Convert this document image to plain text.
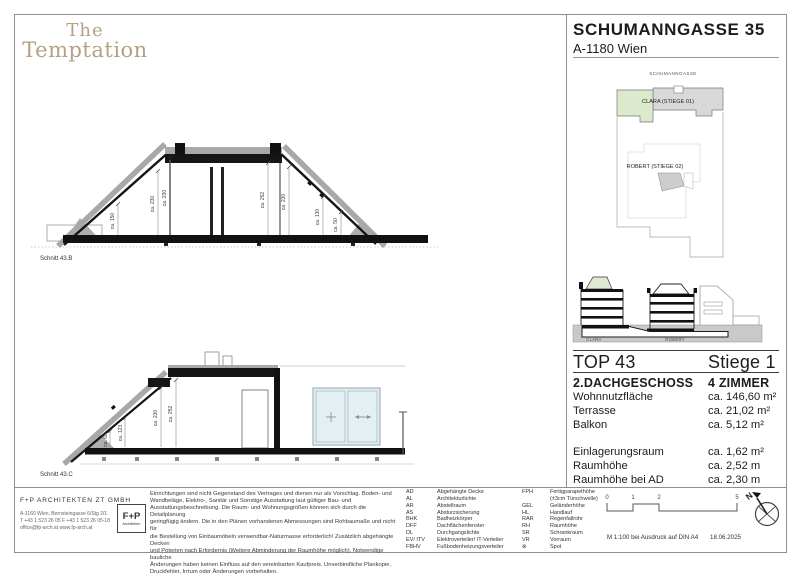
The
Temptation
SCHUMANNGASSE 35
A-1180 Wien
ca. 150
ca. 230 ca. 230	ca. 252	ca. 230
ca. 130 ca. 50
Schnitt 43.B
ca. 60 ca. 123
ca. 230 ca. 252
Schnitt 43.C
SCHUMANNGASSE
CLARA (STIEGE 01)
ROBERT (STIEGE 02)
CLARA	ROBERT
TOP 43	Stiege 1
2.DACHGESCHOSS	4 ZIMMER
Wohnnutzfläche	ca. 146,60 m²
Terrasse	ca. 21,02 m²
Balkon	ca. 5,12 m²
Einlagerungsraum	ca. 1,62 m²
Raumhöhe	ca. 2,52 m
Raumhöhe bei AD	ca. 2,30 m
F+P ARCHITEKTEN ZT GMBH
A-1160 Wien, Bernsteingasse 6/Stg 2/1
T +43 1 523 26 05 F +43 1 523 26 05-18
office@fp-arch.at www.fp-arch.at
F+P
Architekten
Einrichtungen sind nicht Gegenstand des Vertrages und dienen nur als Vorschlag. Boden- und
Wandbeläge, Elektro-, Sanitär und Sonstige Ausstattung laut gültiger Bau- und
Ausstattungsbeschreibung. Die Raum- und Wohnungsgrößen können sich durch die Detailplanung
geringfügig ändern. Die in den Plänen vorhandenen Abmessungen sind Rohbaumaße und nicht für
die Bestellung von Einbaumöbeln verwendbar-Naturmasse erforderlich! Zusätzlich abgehängte Decken
und Poterien nach Erfordernis (Weitere Abminderung der Raumhöhe möglich). Notwendige bauliche
Änderungen haben keinen Einfluss auf den vereinbarten Kaufpreis. Unverbindliche Plankopie,
Druckfehler, Irrtum oder Änderungen vorbehalten.
AD	Abgehängte Decke
AL	Architekturlichte
AR	Abstellraum
AS	Absturzsicherung
BHK	Badheizkörper
DFF	Dachflächenfenster
DL	Durchgangslichte
EV/ ITV	Elektroverteiler/ IT-Verteiler
FBHV	Fußbodenheizungsverteiler
FPH	Fertigparapethöhe
(±3cm Türschwelle)
GEL	Geländerhöhe
HL	Handlauf
RAR	Regenfallrohr
RH	Raumhöhe
SR	Schrankraum
VR	Vorraum
⊗	Spot
0	1	2	5
M 1:100 bei Ausdruck auf DIN A4 18.06.2025
N
